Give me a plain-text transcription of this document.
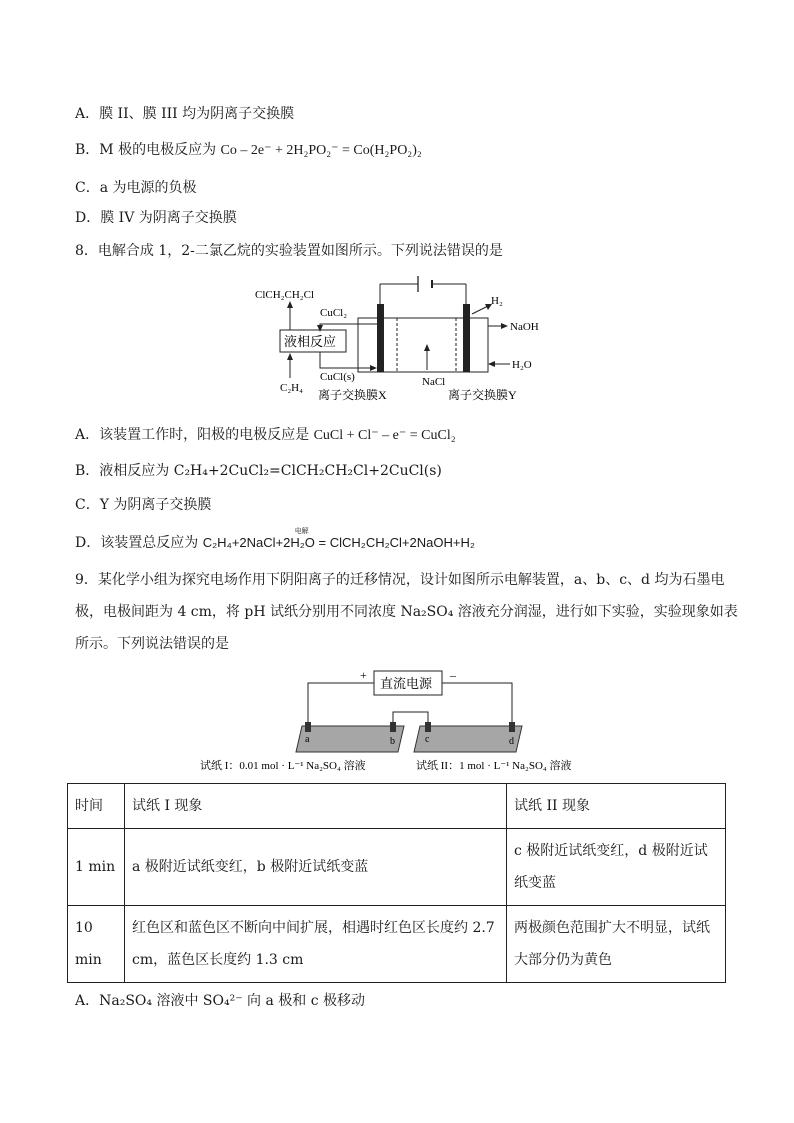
A．膜 II、膜 III 均为阴离子交换膜
B．M 极的电极反应为 Co – 2e⁻ + 2H₂PO₂⁻ = Co(H₂PO₂)₂
C．a 为电源的负极
D．膜 IV 为阴离子交换膜
8．电解合成 1，2-二氯乙烷的实验装置如图所示。下列说法错误的是
NaCl
液相反应
ClCH₂CH₂Cl
C₂H₄
CuCl₂
CuCl(s)
离子交换膜X	离子交换膜Y
H₂
NaOH
H₂O
A．该装置工作时，阳极的电极反应是 CuCl + Cl⁻ – e⁻ = CuCl₂
B．液相反应为 C₂H₄+2CuCl₂=ClCH₂CH₂Cl+2CuCl(s)
C．Y 为阴离子交换膜
D．该装置总反应为
电解
C₂H₄+2NaCl+2H₂O = ClCH₂CH₂Cl+2NaOH+H₂
9．某化学小组为探究电场作用下阴阳离子的迁移情况，设计如图所示电解装置，a、b、c、d 均为石墨电
极，电极间距为 4 cm，将 pH 试纸分别用不同浓度 Na₂SO₄ 溶液充分润湿，进行如下实验，实验现象如表
所示。下列说法错误的是
直流电源
+	–
a	b	c	d
试纸 I：0.01 mol · L⁻¹ Na₂SO₄ 溶液	试纸 II：1 mol · L⁻¹ Na₂SO₄ 溶液
时间	试纸 I 现象	试纸 II 现象
1 min	a 极附近试纸变红，b 极附近试纸变蓝	c 极附近试纸变红，d 极附近试纸变蓝
10 min	红色区和蓝色区不断向中间扩展，相遇时红色区长度约 2.7 cm，蓝色区长度约 1.3 cm	两极颜色范围扩大不明显，试纸大部分仍为黄色
A．Na₂SO₄ 溶液中 SO₄²⁻ 向 a 极和 c 极移动
